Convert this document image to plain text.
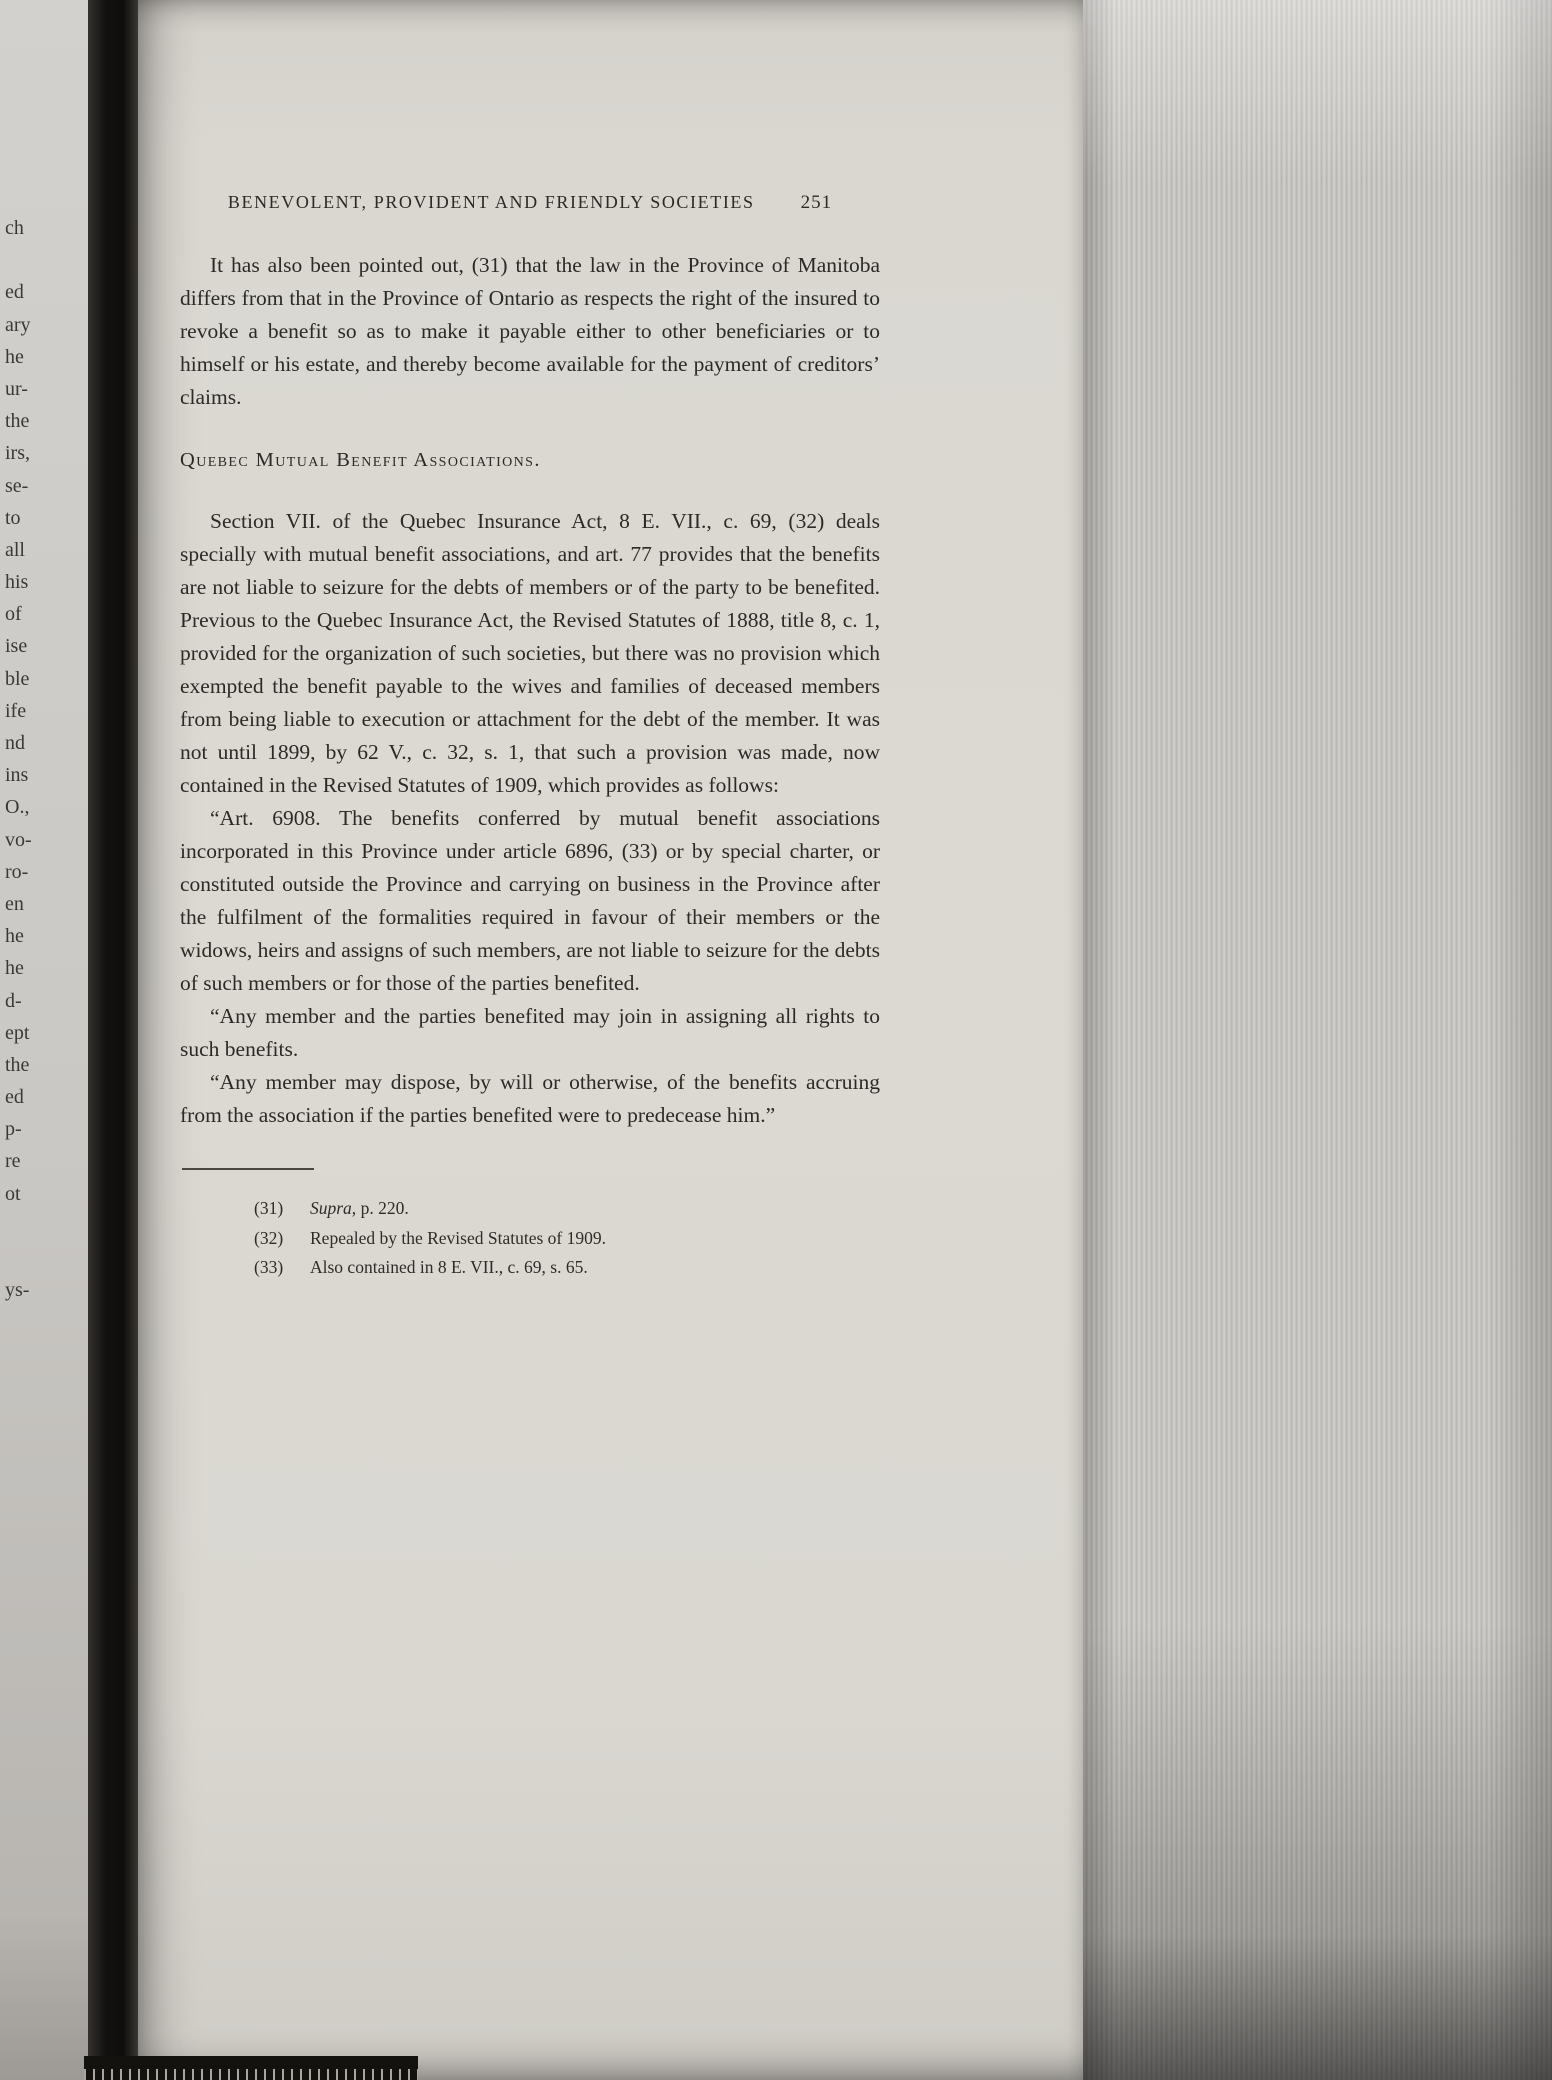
ch
ed
ary
he
ur-
the
irs,
se-
to
all
his
of
ise
ble
ife
nd
ins
O.,
vo-
ro-
en
he
he
d-
ept
the
ed
p-
re
ot
ys-
BENEVOLENT, PROVIDENT AND FRIENDLY SOCIETIES 251

It has also been pointed out, (31) that the law in the Province of Manitoba differs from that in the Province of Ontario as respects the right of the insured to revoke a benefit so as to make it payable either to other beneficiaries or to himself or his estate, and thereby become available for the payment of creditors’ claims.

Quebec Mutual Benefit Associations.

Section VII. of the Quebec Insurance Act, 8 E. VII., c. 69, (32) deals specially with mutual benefit associations, and art. 77 provides that the benefits are not liable to seizure for the debts of members or of the party to be benefited. Previous to the Quebec Insurance Act, the Revised Statutes of 1888, title 8, c. 1, provided for the organization of such societies, but there was no provision which exempted the benefit payable to the wives and families of deceased members from being liable to execution or attachment for the debt of the member. It was not until 1899, by 62 V., c. 32, s. 1, that such a provision was made, now contained in the Revised Statutes of 1909, which provides as follows:

“Art. 6908. The benefits conferred by mutual benefit associations incorporated in this Province under article 6896, (33) or by special charter, or constituted outside the Province and carrying on business in the Province after the fulfilment of the formalities required in favour of their members or the widows, heirs and assigns of such members, are not liable to seizure for the debts of such members or for those of the parties benefited.

“Any member and the parties benefited may join in assigning all rights to such benefits.

“Any member may dispose, by will or otherwise, of the benefits accruing from the association if the parties benefited were to predecease him.”

(31) Supra, p. 220.
(32) Repealed by the Revised Statutes of 1909.
(33) Also contained in 8 E. VII., c. 69, s. 65.
